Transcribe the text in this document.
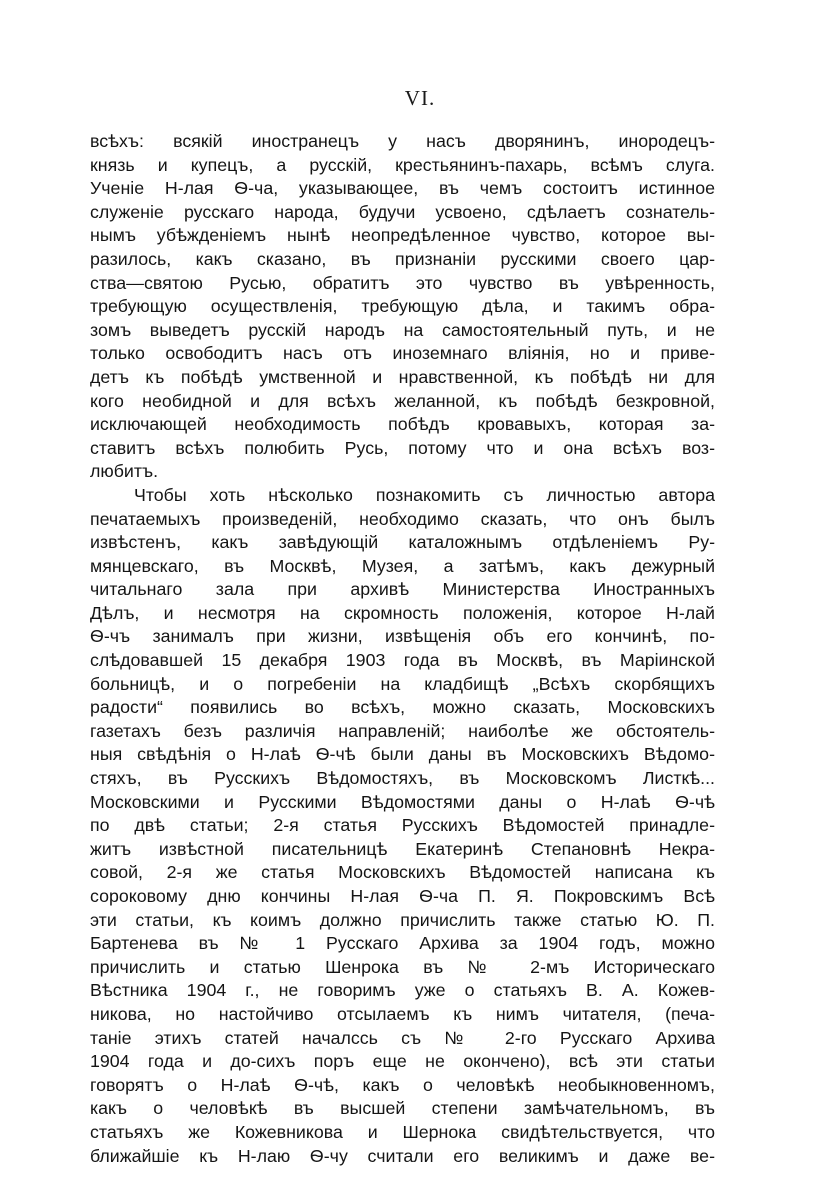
VI.
всѣхъ: всякій иностранецъ у насъ дворянинъ, инородецъ-
князь и купецъ, а русскій, крестьянинъ-пахарь, всѣмъ слуга.
Ученіе Н-лая Ѳ-ча, указывающее, въ чемъ состоитъ истинное
служеніе русскаго народа, будучи усвоено, сдѣлаетъ сознатель-
нымъ убѣжденіемъ нынѣ неопредѣленное чувство, которое вы-
разилось, какъ сказано, въ признаніи русскими своего цар-
ства—святою Русью, обратитъ это чувство въ увѣренность,
требующую осуществленія, требующую дѣла, и такимъ обра-
зомъ выведетъ русскій народъ на самостоятельный путь, и не
только освободитъ насъ отъ иноземнаго вліянія, но и приве-
детъ къ побѣдѣ умственной и нравственной, къ побѣдѣ ни для
кого необидной и для всѣхъ желанной, къ побѣдѣ безкровной,
исключающей необходимость побѣдъ кровавыхъ, которая за-
ставитъ всѣхъ полюбить Русь, потому что и она всѣхъ воз-
любитъ.
Чтобы хоть нѣсколько познакомить съ личностью автора
печатаемыхъ произведеній, необходимо сказать, что онъ былъ
извѣстенъ, какъ завѣдующій каталожнымъ отдѣленіемъ Ру-
мянцевскаго, въ Москвѣ, Музея, а затѣмъ, какъ дежурный
читальнаго зала при архивѣ Министерства Иностранныхъ
Дѣлъ, и несмотря на скромность положенія, которое Н-лай
Ѳ-чъ занималъ при жизни, извѣщенія объ его кончинѣ, по-
слѣдовавшей 15 декабря 1903 года въ Москвѣ, въ Маріинской
больницѣ, и о погребеніи на кладбищѣ „Всѣхъ скорбящихъ
радости“ появились во всѣхъ, можно сказать, Московскихъ
газетахъ безъ различія направленій; наиболѣе же обстоятель-
ныя свѣдѣнія о Н-лаѣ Ѳ-чѣ были даны въ Московскихъ Вѣдомо-
стяхъ, въ Русскихъ Вѣдомостяхъ, въ Московскомъ Листкѣ...
Московскими и Русскими Вѣдомостями даны о Н-лаѣ Ѳ-чѣ
по двѣ статьи; 2-я статья Русскихъ Вѣдомостей принадле-
житъ извѣстной писательницѣ Екатеринѣ Степановнѣ Некра-
совой, 2-я же статья Московскихъ Вѣдомостей написана къ
сороковому дню кончины Н-лая Ѳ-ча П. Я. Покровскимъ Всѣ
эти статьи, къ коимъ должно причислить также статью Ю. П.
Бартенева въ № 1 Русскаго Архива за 1904 годъ, можно
причислить и статью Шенрока въ № 2-мъ Историческаго
Вѣстника 1904 г., не говоримъ уже о статьяхъ В. А. Кожев-
никова, но настойчиво отсылаемъ къ нимъ читателя, (печа-
таніе этихъ статей началсcь съ № 2-го Русскаго Архива
1904 года и до-сихъ поръ еще не окончено), всѣ эти статьи
говорятъ о Н-лаѣ Ѳ-чѣ, какъ о человѣкѣ необыкновенномъ,
какъ о человѣкѣ въ высшей степени замѣчательномъ, въ
статьяхъ же Кожевникова и Шернока свидѣтельствуется, что
ближайшіе къ Н-лаю Ѳ-чу считали его великимъ и даже ве-
